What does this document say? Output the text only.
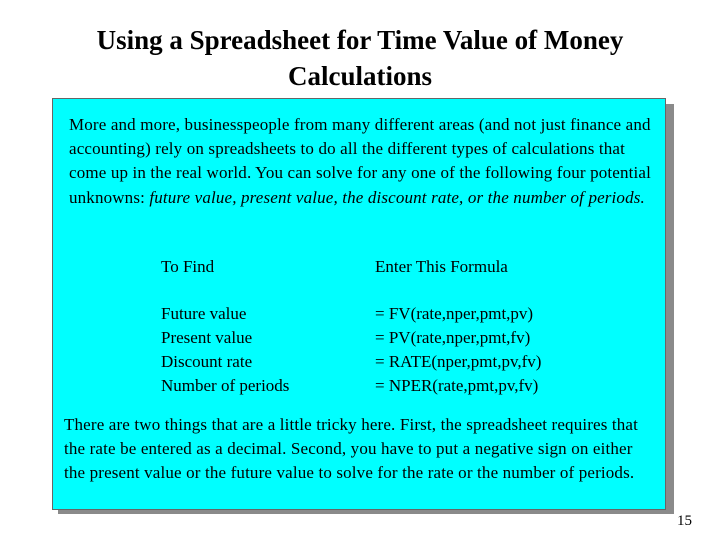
Using a Spreadsheet for Time Value of Money
Calculations
More and more, businesspeople from many different areas (and not just finance and accounting) rely on spreadsheets to do all the different types of calculations that come up in the real world. You can solve for any one of the following four potential unknowns: future value, present value, the discount rate, or the number of periods.
To Find	Enter This Formula
Future value	= FV(rate,nper,pmt,pv)
Present value	= PV(rate,nper,pmt,fv)
Discount rate	= RATE(nper,pmt,pv,fv)
Number of periods	= NPER(rate,pmt,pv,fv)
There are two things that are a little tricky here. First, the spreadsheet requires that the rate be entered as a decimal. Second, you have to put a negative sign on either the present value or the future value to solve for the rate or the number of periods.
15
